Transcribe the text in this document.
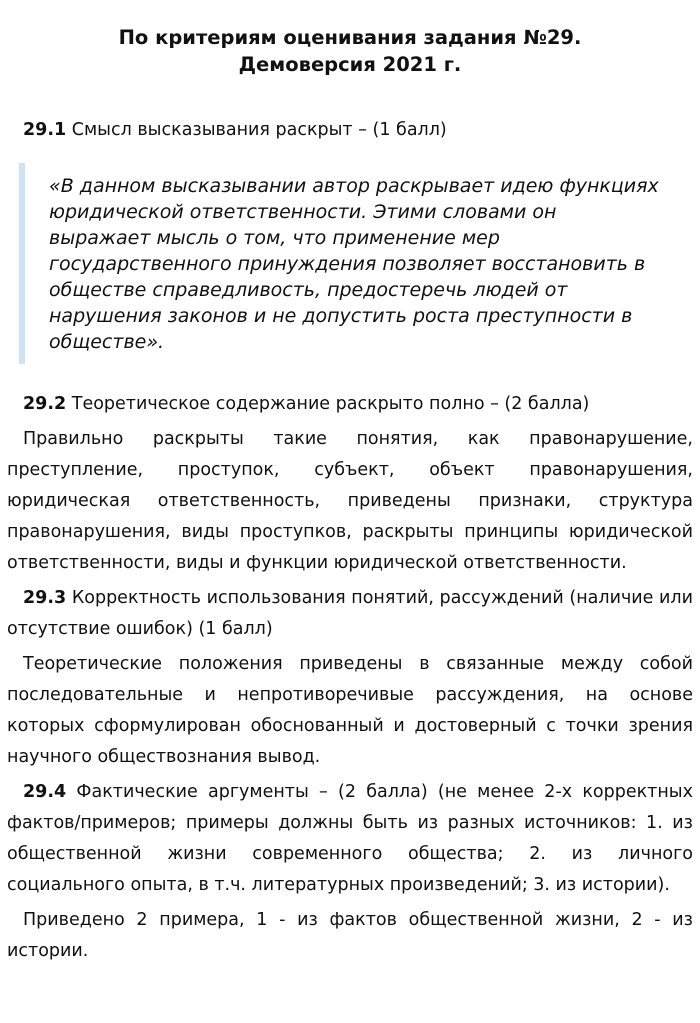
По критериям оценивания задания №29.
Демоверсия 2021 г.

29.1 Смысл высказывания раскрыт – (1 балл)

«В данном высказывании автор раскрывает идею функциях юридической ответственности. Этими словами он выражает мысль о том, что применение мер государственного принуждения позволяет восстановить в обществе справедливость, предостеречь людей от нарушения законов и не допустить роста преступности в обществе».

29.2 Теоретическое содержание раскрыто полно – (2 балла)

Правильно раскрыты такие понятия, как правонарушение, преступление, проступок, субъект, объект правонарушения, юридическая ответственность, приведены признаки, структура правонарушения, виды проступков, раскрыты принципы юридической ответственности, виды и функции юридической ответственности.

29.3 Корректность использования понятий, рассуждений (наличие или отсутствие ошибок) (1 балл)

Теоретические положения приведены в связанные между собой последовательные и непротиворечивые рассуждения, на основе которых сформулирован обоснованный и достоверный с точки зрения научного обществознания вывод.

29.4 Фактические аргументы – (2 балла) (не менее 2-х корректных фактов/примеров; примеры должны быть из разных источников: 1. из общественной жизни современного общества; 2. из личного социального опыта, в т.ч. литературных произведений; 3. из истории).

Приведено 2 примера, 1 - из фактов общественной жизни, 2 - из истории.
